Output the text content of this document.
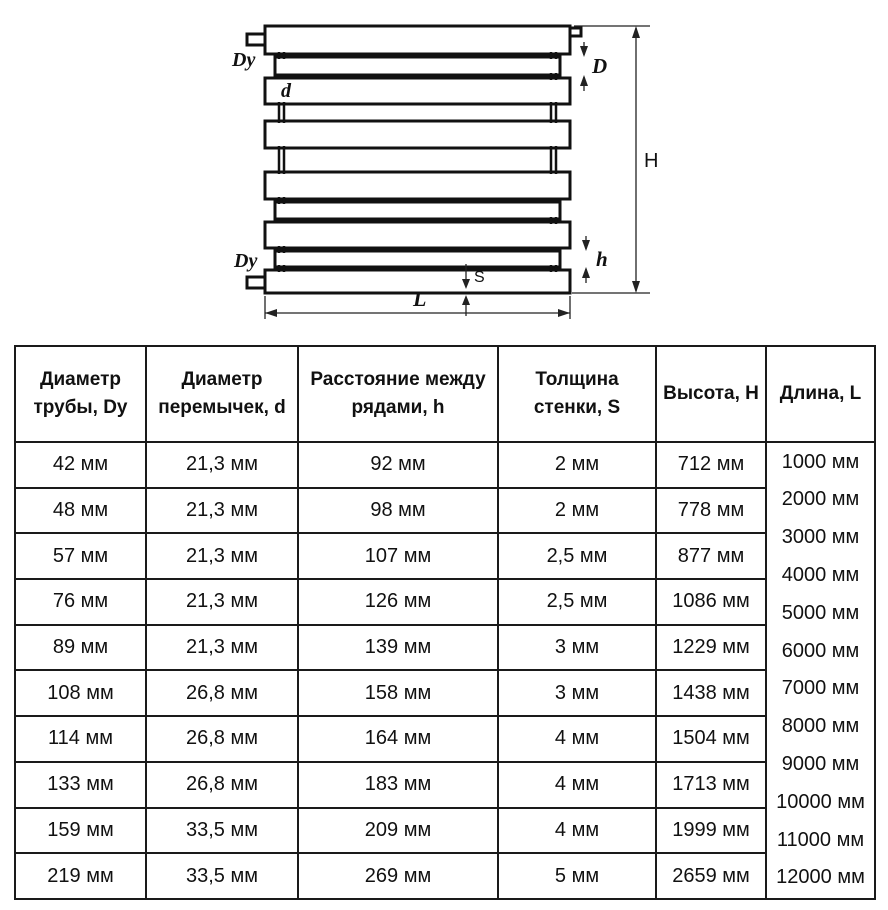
H
D
h
S
L
Dy
Dy
d
Диаметр трубы, Dy	Диаметр перемычек, d	Расстояние между рядами, h	Толщина стенки, S	Высота, H	Длина, L
42 мм	21,3 мм	92 мм	2 мм	712 мм	1000 мм
2000 мм
3000 мм
4000 мм
5000 мм
6000 мм
7000 мм
8000 мм
9000 мм
10000 мм
11000 мм
12000 мм

48 мм	21,3 мм	98 мм	2 мм	778 мм	
57 мм	21,3 мм	107 мм	2,5 мм	877 мм	
76 мм	21,3 мм	126 мм	2,5 мм	1086 мм	
89 мм	21,3 мм	139 мм	3 мм	1229 мм	
108 мм	26,8 мм	158 мм	3 мм	1438 мм	
114 мм	26,8 мм	164 мм	4 мм	1504 мм	
133 мм	26,8 мм	183 мм	4 мм	1713 мм	
159 мм	33,5 мм	209 мм	4 мм	1999 мм	
219 мм	33,5 мм	269 мм	5 мм	2659 мм	
